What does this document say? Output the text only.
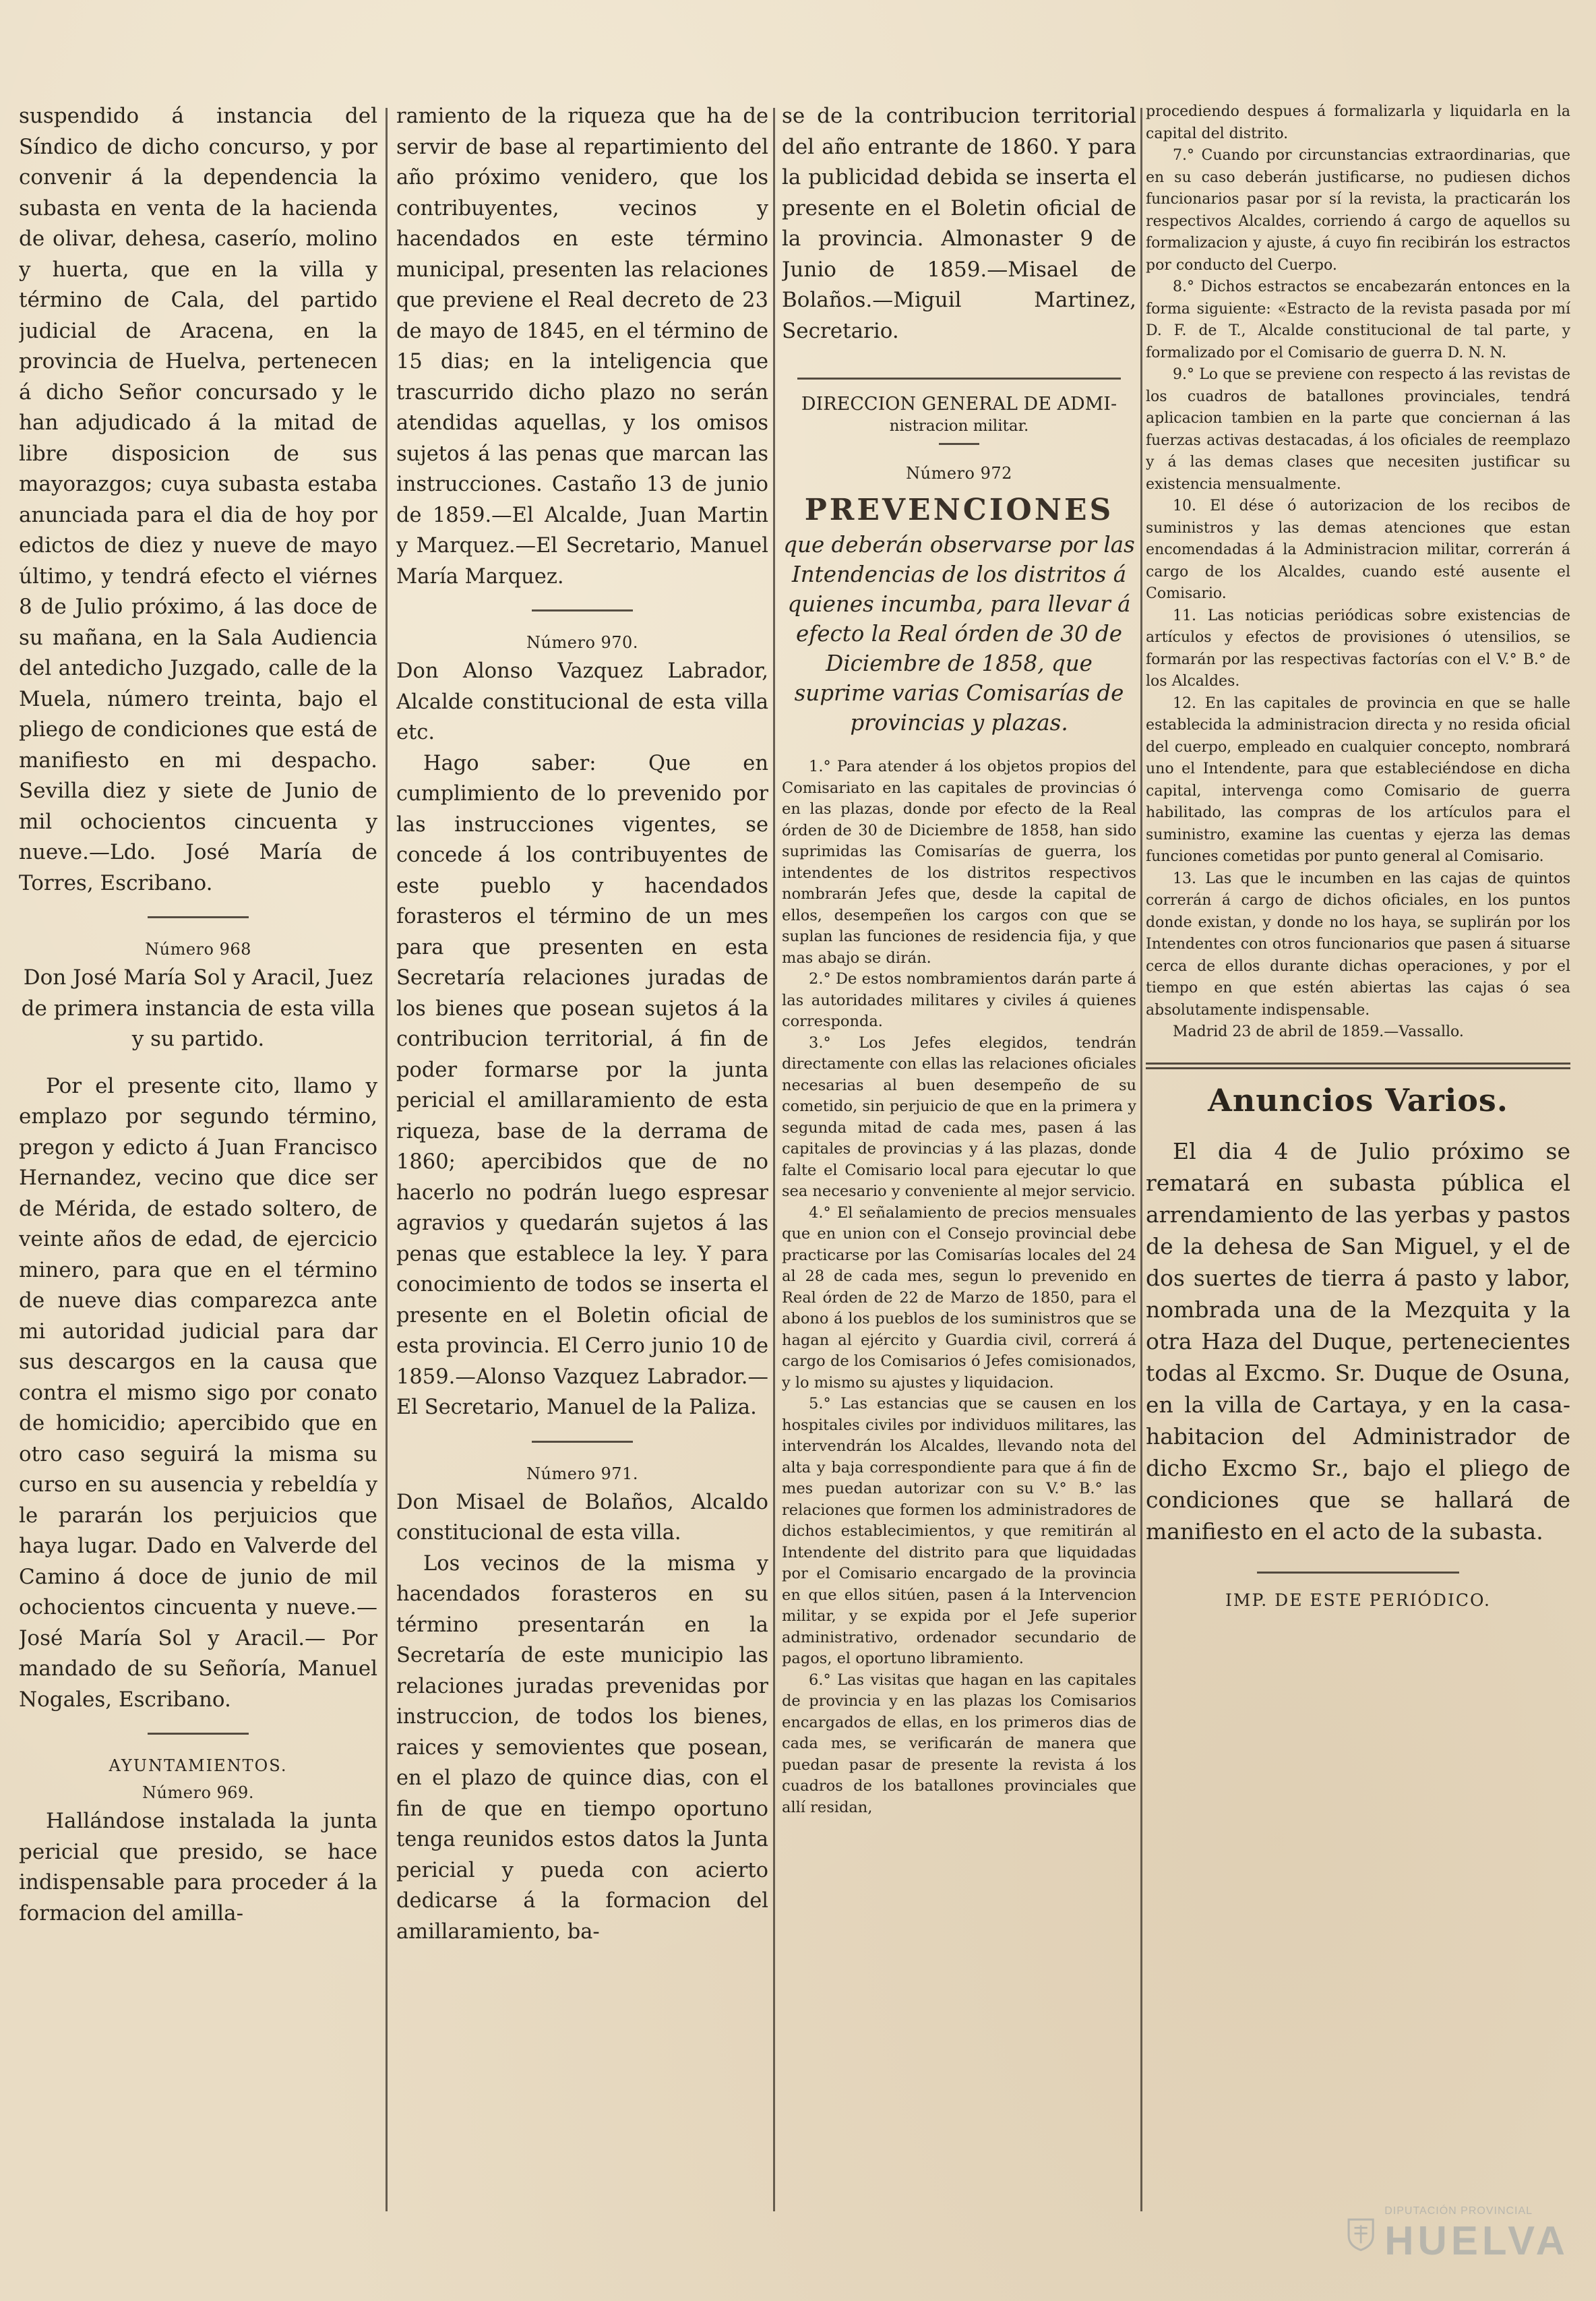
suspendido á instancia del Síndico de dicho concurso, y por convenir á la dependencia la subasta en venta de la hacienda de olivar, dehesa, caserío, molino y huerta, que en la villa y término de Cala, del partido judicial de Aracena, en la provincia de Huelva, pertenecen á dicho Señor concursado y le han adjudicado á la mitad de libre disposicion de sus mayorazgos; cuya subasta estaba anunciada para el dia de hoy por edictos de diez y nueve de mayo último, y tendrá efecto el viérnes 8 de Julio próximo, á las doce de su mañana, en la Sala Audiencia del antedicho Juzgado, calle de la Muela, número treinta, bajo el pliego de condiciones que está de manifiesto en mi despacho. Sevilla diez y siete de Junio de mil ochocientos cincuenta y nueve.—Ldo. José María de Torres, Escribano.

Número 968

Don José María Sol y Aracil, Juez de primera instancia de esta villa y su partido.

Por el presente cito, llamo y emplazo por segundo término, pregon y edicto á Juan Francisco Hernandez, vecino que dice ser de Mérida, de estado soltero, de veinte años de edad, de ejercicio minero, para que en el término de nueve dias comparezca ante mi autoridad judicial para dar sus descargos en la causa que contra el mismo sigo por conato de homicidio; apercibido que en otro caso seguirá la misma su curso en su ausencia y rebeldía y le pararán los perjuicios que haya lugar. Dado en Valverde del Camino á doce de junio de mil ochocientos cincuenta y nueve.— José María Sol y Aracil.— Por mandado de su Señoría, Manuel Nogales, Escribano.

AYUNTAMIENTOS.

Número 969.

Hallándose instalada la junta pericial que presido, se hace indispensable para proceder á la formacion del amilla-

ramiento de la riqueza que ha de servir de base al repartimiento del año próximo venidero, que los contribuyentes, vecinos y hacendados en este término municipal, presenten las relaciones que previene el Real decreto de 23 de mayo de 1845, en el término de 15 dias; en la inteligencia que trascurrido dicho plazo no serán atendidas aquellas, y los omisos sujetos á las penas que marcan las instrucciones. Castaño 13 de junio de 1859.—El Alcalde, Juan Martin y Marquez.—El Secretario, Manuel María Marquez.

Número 970.

Don Alonso Vazquez Labrador, Alcalde constitucional de esta villa etc.

Hago saber: Que en cumplimiento de lo prevenido por las instrucciones vigentes, se concede á los contribuyentes de este pueblo y hacendados forasteros el término de un mes para que presenten en esta Secretaría relaciones juradas de los bienes que posean sujetos á la contribucion territorial, á fin de poder formarse por la junta pericial el amillaramiento de esta riqueza, base de la derrama de 1860; apercibidos que de no hacerlo no podrán luego espresar agravios y quedarán sujetos á las penas que establece la ley. Y para conocimiento de todos se inserta el presente en el Boletin oficial de esta provincia. El Cerro junio 10 de 1859.—Alonso Vazquez Labrador.—El Secretario, Manuel de la Paliza.

Número 971.

Don Misael de Bolaños, Alcaldo constitucional de esta villa.

Los vecinos de la misma y hacendados forasteros en su término presentarán en la Secretaría de este municipio las relaciones juradas prevenidas por instruccion, de todos los bienes, raices y semovientes que posean, en el plazo de quince dias, con el fin de que en tiempo oportuno tenga reunidos estos datos la Junta pericial y pueda con acierto dedicarse á la formacion del amillaramiento, ba-

se de la contribucion territorial del año entrante de 1860. Y para la publicidad debida se inserta el presente en el Boletin oficial de la provincia. Almonaster 9 de Junio de 1859.—Misael de Bolaños.—Miguil Martinez, Secretario.

DIRECCION GENERAL DE ADMI-

nistracion militar.

Número 972

PREVENCIONES

que deberán observarse por las Intendencias de los distritos á quienes incumba, para llevar á efecto la Real órden de 30 de Diciembre de 1858, que suprime varias Comisarías de provincias y plazas.

1.° Para atender á los objetos propios del Comisariato en las capitales de provincias ó en las plazas, donde por efecto de la Real órden de 30 de Diciembre de 1858, han sido suprimidas las Comisarías de guerra, los intendentes de los distritos respectivos nombrarán Jefes que, desde la capital de ellos, desempeñen los cargos con que se suplan las funciones de residencia fija, y que mas abajo se dirán.

2.° De estos nombramientos darán parte á las autoridades militares y civiles á quienes corresponda.

3.° Los Jefes elegidos, tendrán directamente con ellas las relaciones oficiales necesarias al buen desempeño de su cometido, sin perjuicio de que en la primera y segunda mitad de cada mes, pasen á las capitales de provincias y á las plazas, donde falte el Comisario local para ejecutar lo que sea necesario y conveniente al mejor servicio.

4.° El señalamiento de precios mensuales que en union con el Consejo provincial debe practicarse por las Comisarías locales del 24 al 28 de cada mes, segun lo prevenido en Real órden de 22 de Marzo de 1850, para el abono á los pueblos de los suministros que se hagan al ejército y Guardia civil, correrá á cargo de los Comisarios ó Jefes comisionados, y lo mismo su ajustes y liquidacion.

5.° Las estancias que se causen en los hospitales civiles por individuos militares, las intervendrán los Alcaldes, llevando nota del alta y baja correspondiente para que á fin de mes puedan autorizar con su V.° B.° las relaciones que formen los administradores de dichos establecimientos, y que remitirán al Intendente del distrito para que liquidadas por el Comisario encargado de la provincia en que ellos sitúen, pasen á la Intervencion militar, y se expida por el Jefe superior administrativo, ordenador secundario de pagos, el oportuno libramiento.

6.° Las visitas que hagan en las capitales de provincia y en las plazas los Comisarios encargados de ellas, en los primeros dias de cada mes, se verificarán de manera que puedan pasar de presente la revista á los cuadros de los batallones provinciales que allí residan,

procediendo despues á formalizarla y liquidarla en la capital del distrito.

7.° Cuando por circunstancias extraordinarias, que en su caso deberán justificarse, no pudiesen dichos funcionarios pasar por sí la revista, la practicarán los respectivos Alcaldes, corriendo á cargo de aquellos su formalizacion y ajuste, á cuyo fin recibirán los estractos por conducto del Cuerpo.

8.° Dichos estractos se encabezarán entonces en la forma siguiente: «Estracto de la revista pasada por mí D. F. de T., Alcalde constitucional de tal parte, y formalizado por el Comisario de guerra D. N. N.

9.° Lo que se previene con respecto á las revistas de los cuadros de batallones provinciales, tendrá aplicacion tambien en la parte que conciernan á las fuerzas activas destacadas, á los oficiales de reemplazo y á las demas clases que necesiten justificar su existencia mensualmente.

10. El dése ó autorizacion de los recibos de suministros y las demas atenciones que estan encomendadas á la Administracion militar, correrán á cargo de los Alcaldes, cuando esté ausente el Comisario.

11. Las noticias periódicas sobre existencias de artículos y efectos de provisiones ó utensilios, se formarán por las respectivas factorías con el V.° B.° de los Alcaldes.

12. En las capitales de provincia en que se halle establecida la administracion directa y no resida oficial del cuerpo, empleado en cualquier concepto, nombrará uno el Intendente, para que estableciéndose en dicha capital, intervenga como Comisario de guerra habilitado, las compras de los artículos para el suministro, examine las cuentas y ejerza las demas funciones cometidas por punto general al Comisario.

13. Las que le incumben en las cajas de quintos correrán á cargo de dichos oficiales, en los puntos donde existan, y donde no los haya, se suplirán por los Intendentes con otros funcionarios que pasen á situarse cerca de ellos durante dichas operaciones, y por el tiempo en que estén abiertas las cajas ó sea absolutamente indispensable.

Madrid 23 de abril de 1859.—Vassallo.

Anuncios Varios.

El dia 4 de Julio próximo se rematará en subasta pública el arrendamiento de las yerbas y pastos de la dehesa de San Miguel, y el de dos suertes de tierra á pasto y labor, nombrada una de la Mezquita y la otra Haza del Duque, pertenecientes todas al Excmo. Sr. Duque de Osuna, en la villa de Cartaya, y en la casa-habitacion del Administrador de dicho Excmo Sr., bajo el pliego de condiciones que se hallará de manifiesto en el acto de la subasta.

IMP. DE ESTE PERIÓDICO.

DIPUTACIÓN PROVINCIAL
HUELVA
